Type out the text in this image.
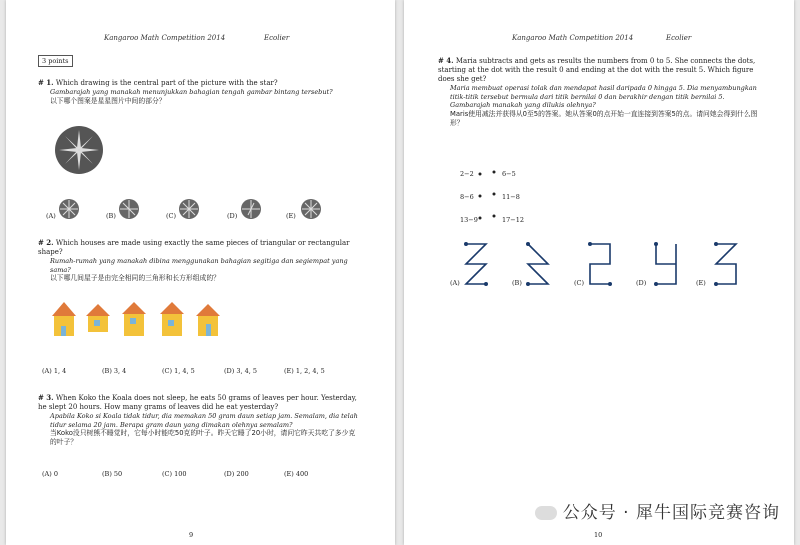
Kangaroo Math Competition 2014	Ecolier
3 points
# 1. Which drawing is the central part of the picture with the star?
Gambarajah yang manakah menunjukkan bahagian tengah gambar bintang tersebut?
以下哪个图案是星星图片中间的部分？
(A)	(B)	(C)	(D)	(E)
# 2. Which houses are made using exactly the same pieces of triangular or rectangular shape?
Rumah-rumah yang manakah dibina menggunakan bahagian segitiga dan segiempat yang sama?
以下哪几间屋子是由完全相同的三角形和长方形组成的？
(A) 1, 4	(B) 3, 4	(C) 1, 4, 5	(D) 3, 4, 5	(E) 1, 2, 4, 5
# 3. When Koko the Koala does not sleep, he eats 50 grams of leaves per hour. Yesterday, he slept 20 hours. How many grams of leaves did he eat yesterday?
Apabila Koko si Koala tidak tidur, dia memakan 50 gram daun setiap jam. Semalam, dia telah tidur selama 20 jam. Berapa gram daun yang dimakan olehnya semalam?
当Koko没只树熊不睡觉时，它每小时能吃50克的叶子。昨天它睡了20小时，请问它昨天共吃了多少克的叶子？
(A) 0	(B) 50	(C) 100	(D) 200	(E) 400
9
Kangaroo Math Competition 2014	Ecolier
# 4. Maria subtracts and gets as results the numbers from 0 to 5. She connects the dots, starting at the dot with the result 0 and ending at the dot with the result 5. Which figure does she get?
Maria membuat operasi tolak dan mendapat hasil daripada 0 hingga 5. Dia menyambungkan titik-titik tersebut bermula dari titik bernilai 0 dan berakhir dengan titik bernilai 5. Gambarajah manakah yang dilukis olehnya?
Maris使用减法并获得从0至5的答案。她从答案0的点开始一直连接到答案5的点。请问她会得到什么图形？
2−2
8−6
13−9
6−5
11−8
17−12
(A)	(B)	(C)	(D)	(E)
公众号 · 犀牛国际竞赛咨询
10
